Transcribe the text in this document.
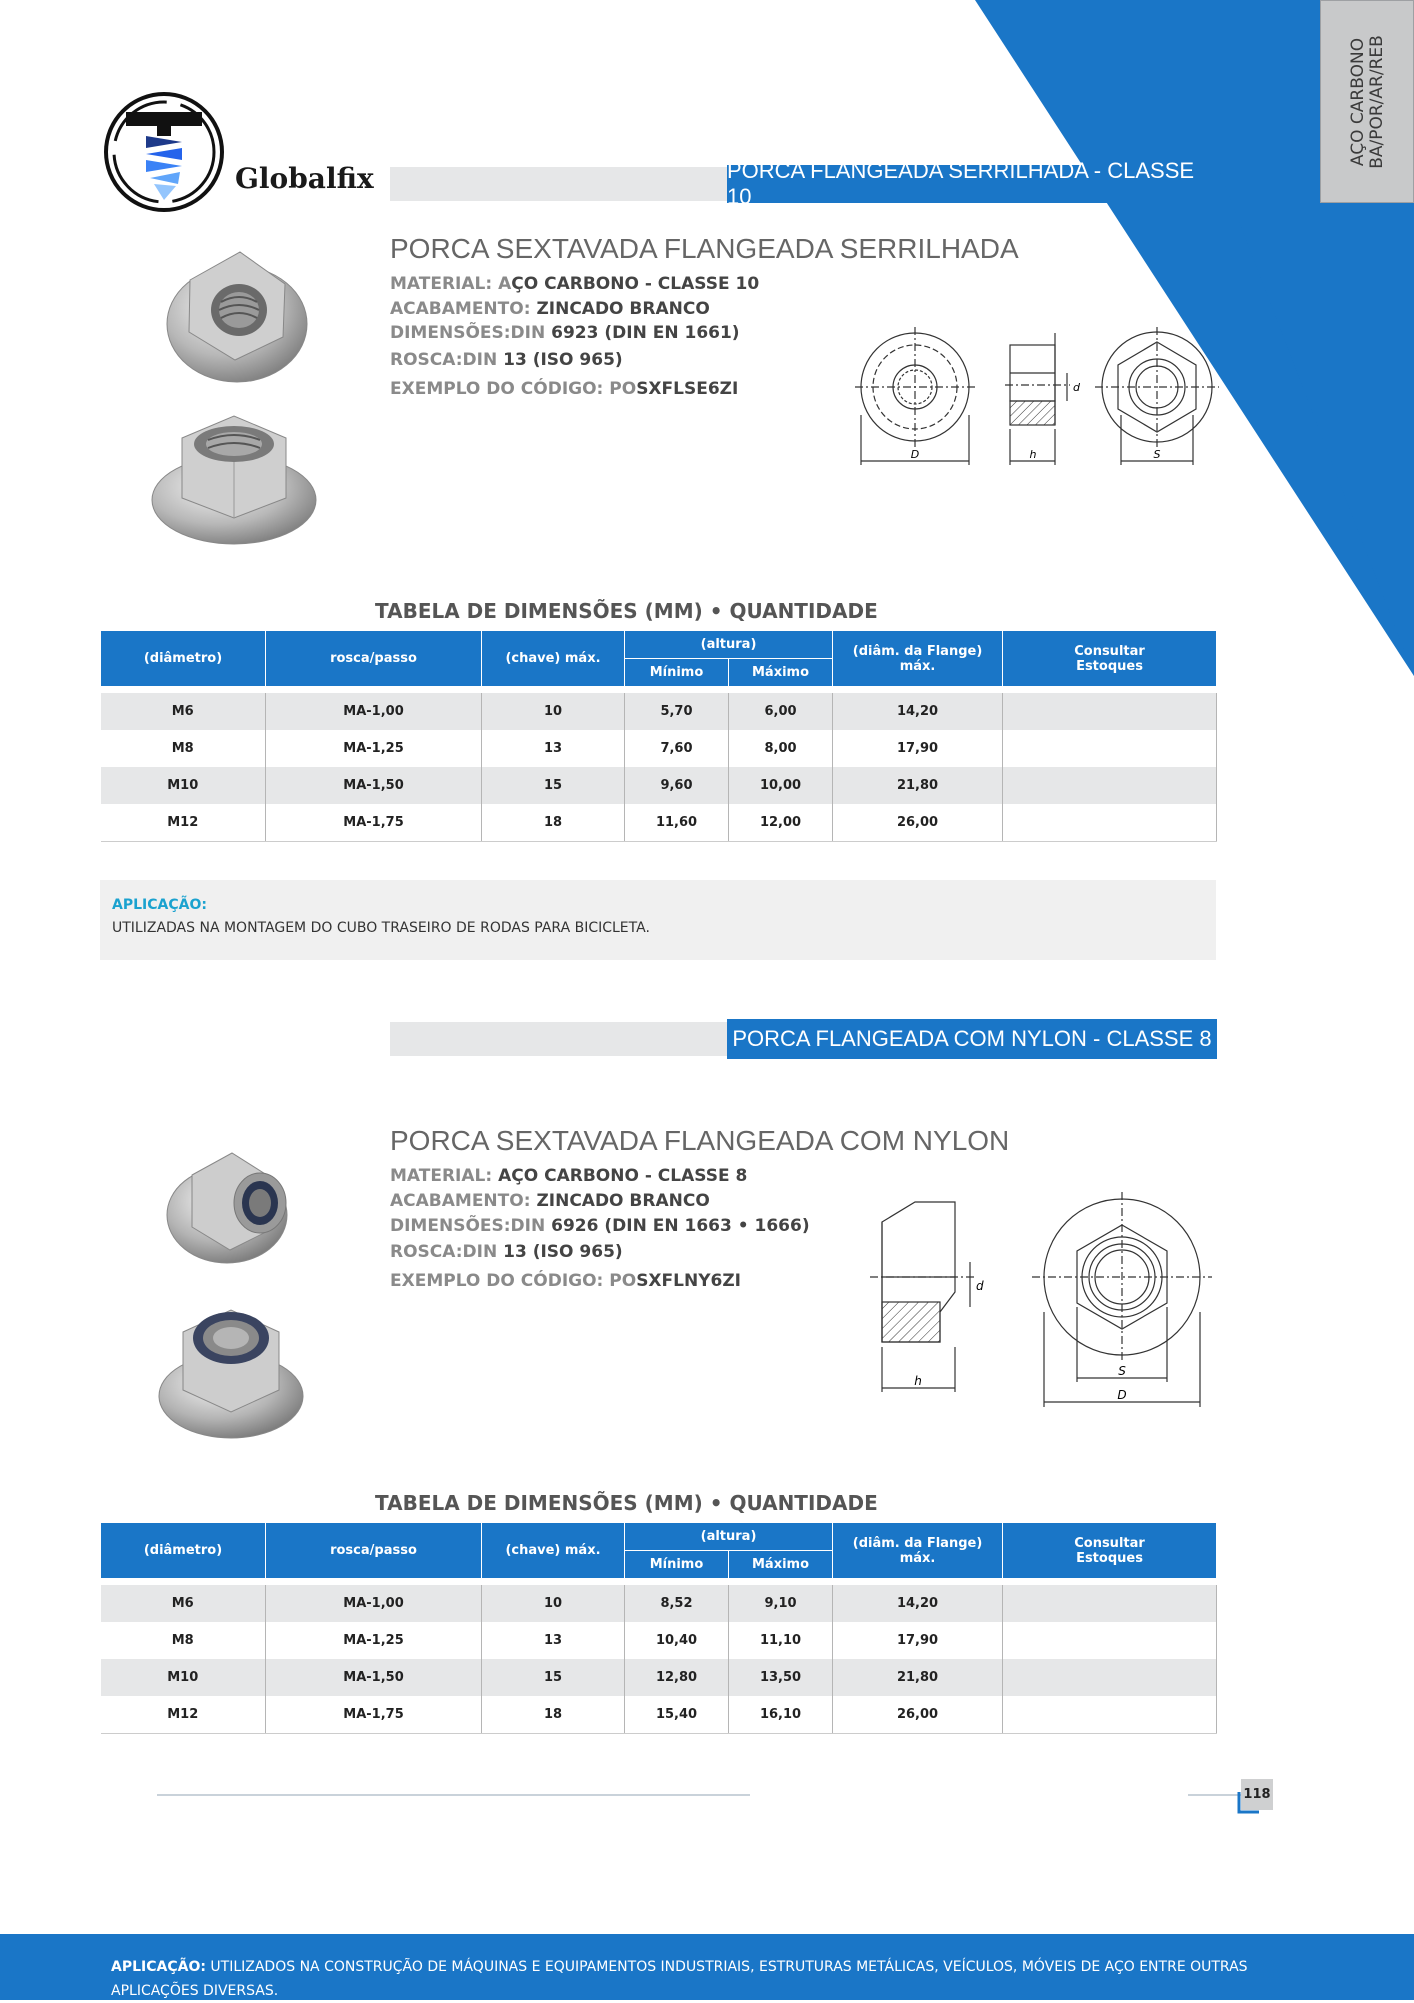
AÇO CARBONO
BA/POR/AR/REB
Globalfix	PORCA FLANGEADA SERRILHADA - CLASSE 10
PORCA SEXTAVADA FLANGEADA SERRILHADA
MATERIAL: AÇO CARBONO - CLASSE 10
ACABAMENTO: ZINCADO BRANCO
DIMENSÕES:DIN 6923 (DIN EN 1661)
ROSCA:DIN 13 (ISO 965)
EXEMPLO DO CÓDIGO: POSXFLSE6ZI
D	h
d
S
TABELA DE DIMENSÕES (MM) • QUANTIDADE
(diâmetro)	rosca/passo	(chave) máx.	(altura)		(diâm. da Flange) máx.	Consultar
Estoques

			Mínimo	Máximo		

M6	MA-1,00	10	5,70	6,00	14,20	
M8	MA-1,25	13	7,60	8,00	17,90	
M10	MA-1,50	15	9,60	10,00	21,80	
M12	MA-1,75	18	11,60	12,00	26,00	
APLICAÇÃO:
UTILIZADAS NA MONTAGEM DO CUBO TRASEIRO DE RODAS PARA BICICLETA.
PORCA FLANGEADA COM NYLON - CLASSE 8
PORCA SEXTAVADA FLANGEADA COM NYLON
MATERIAL: AÇO CARBONO - CLASSE 8
ACABAMENTO: ZINCADO BRANCO
DIMENSÕES:DIN 6926 (DIN EN 1663 • 1666)
ROSCA:DIN 13 (ISO 965)
EXEMPLO DO CÓDIGO: POSXFLNY6ZI
h
d
S
D
TABELA DE DIMENSÕES (MM) • QUANTIDADE
(diâmetro)	rosca/passo	(chave) máx.	(altura)		(diâm. da Flange) máx.	Consultar
Estoques

			Mínimo	Máximo		

M6	MA-1,00	10	8,52	9,10	14,20	
M8	MA-1,25	13	10,40	11,10	17,90	
M10	MA-1,50	15	12,80	13,50	21,80	
M12	MA-1,75	18	15,40	16,10	26,00	
118
APLICAÇÃO: UTILIZADOS NA CONSTRUÇÃO DE MÁQUINAS E EQUIPAMENTOS INDUSTRIAIS, ESTRUTURAS METÁLICAS, VEÍCULOS, MÓVEIS DE AÇO ENTRE OUTRAS APLICAÇÕES DIVERSAS.
